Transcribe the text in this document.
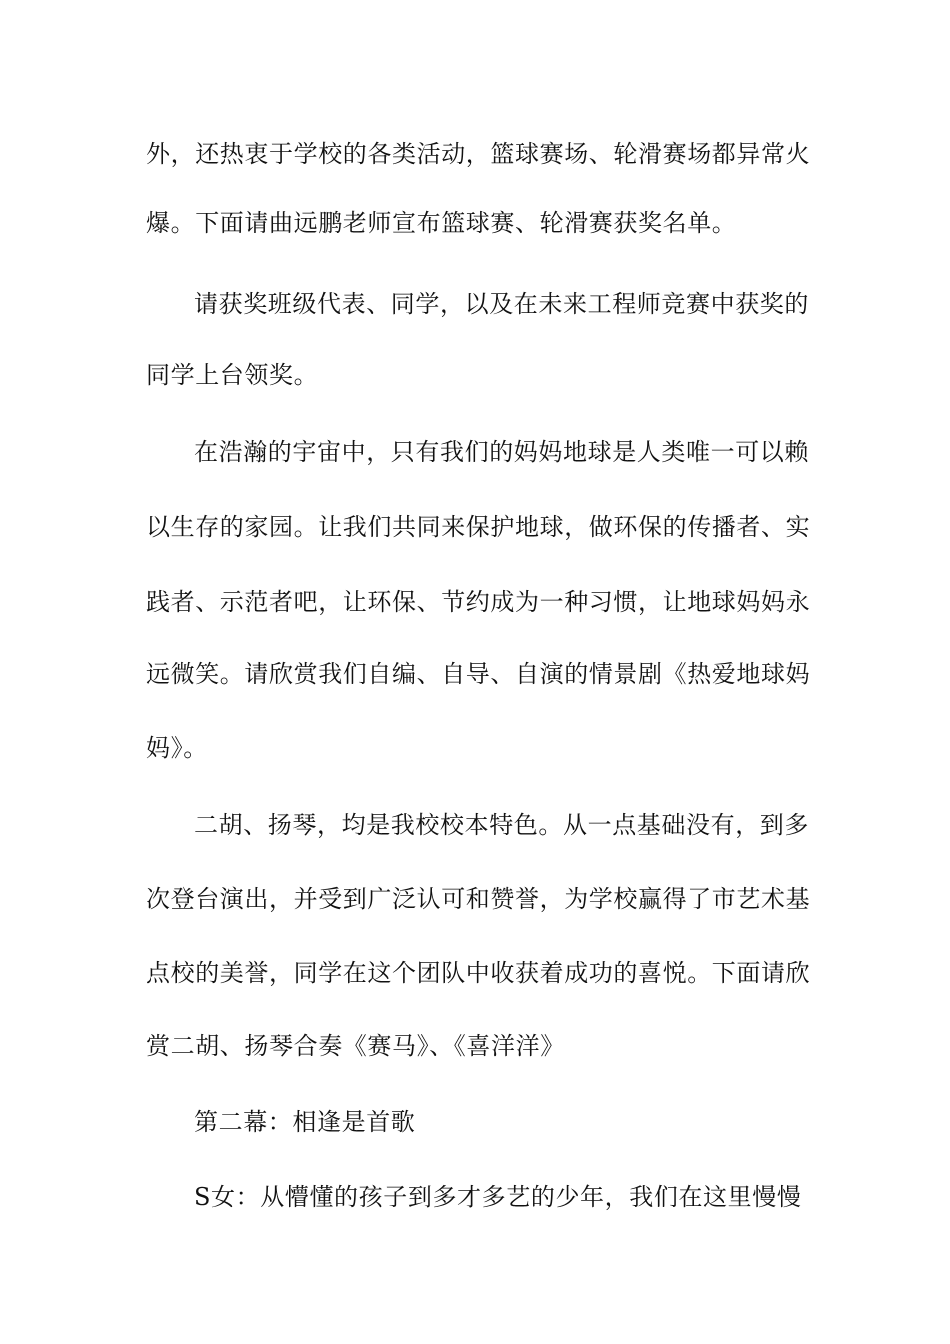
外，还热衷于学校的各类活动，篮球赛场、轮滑赛场都异常火
爆。下面请曲远鹏老师宣布篮球赛、轮滑赛获奖名单。
请获奖班级代表、同学，以及在未来工程师竞赛中获奖的
同学上台领奖。
在浩瀚的宇宙中，只有我们的妈妈地球是人类唯一可以赖
以生存的家园。让我们共同来保护地球，做环保的传播者、实
践者、示范者吧，让环保、节约成为一种习惯，让地球妈妈永
远微笑。请欣赏我们自编、自导、自演的情景剧《热爱地球妈
妈》。
二胡、扬琴，均是我校校本特色。从一点基础没有，到多
次登台演出，并受到广泛认可和赞誉，为学校赢得了市艺术基
点校的美誉，同学在这个团队中收获着成功的喜悦。下面请欣
赏二胡、扬琴合奏《赛马》、《喜洋洋》
第二幕：相逢是首歌
S女：从懵懂的孩子到多才多艺的少年，我们在这里慢慢
